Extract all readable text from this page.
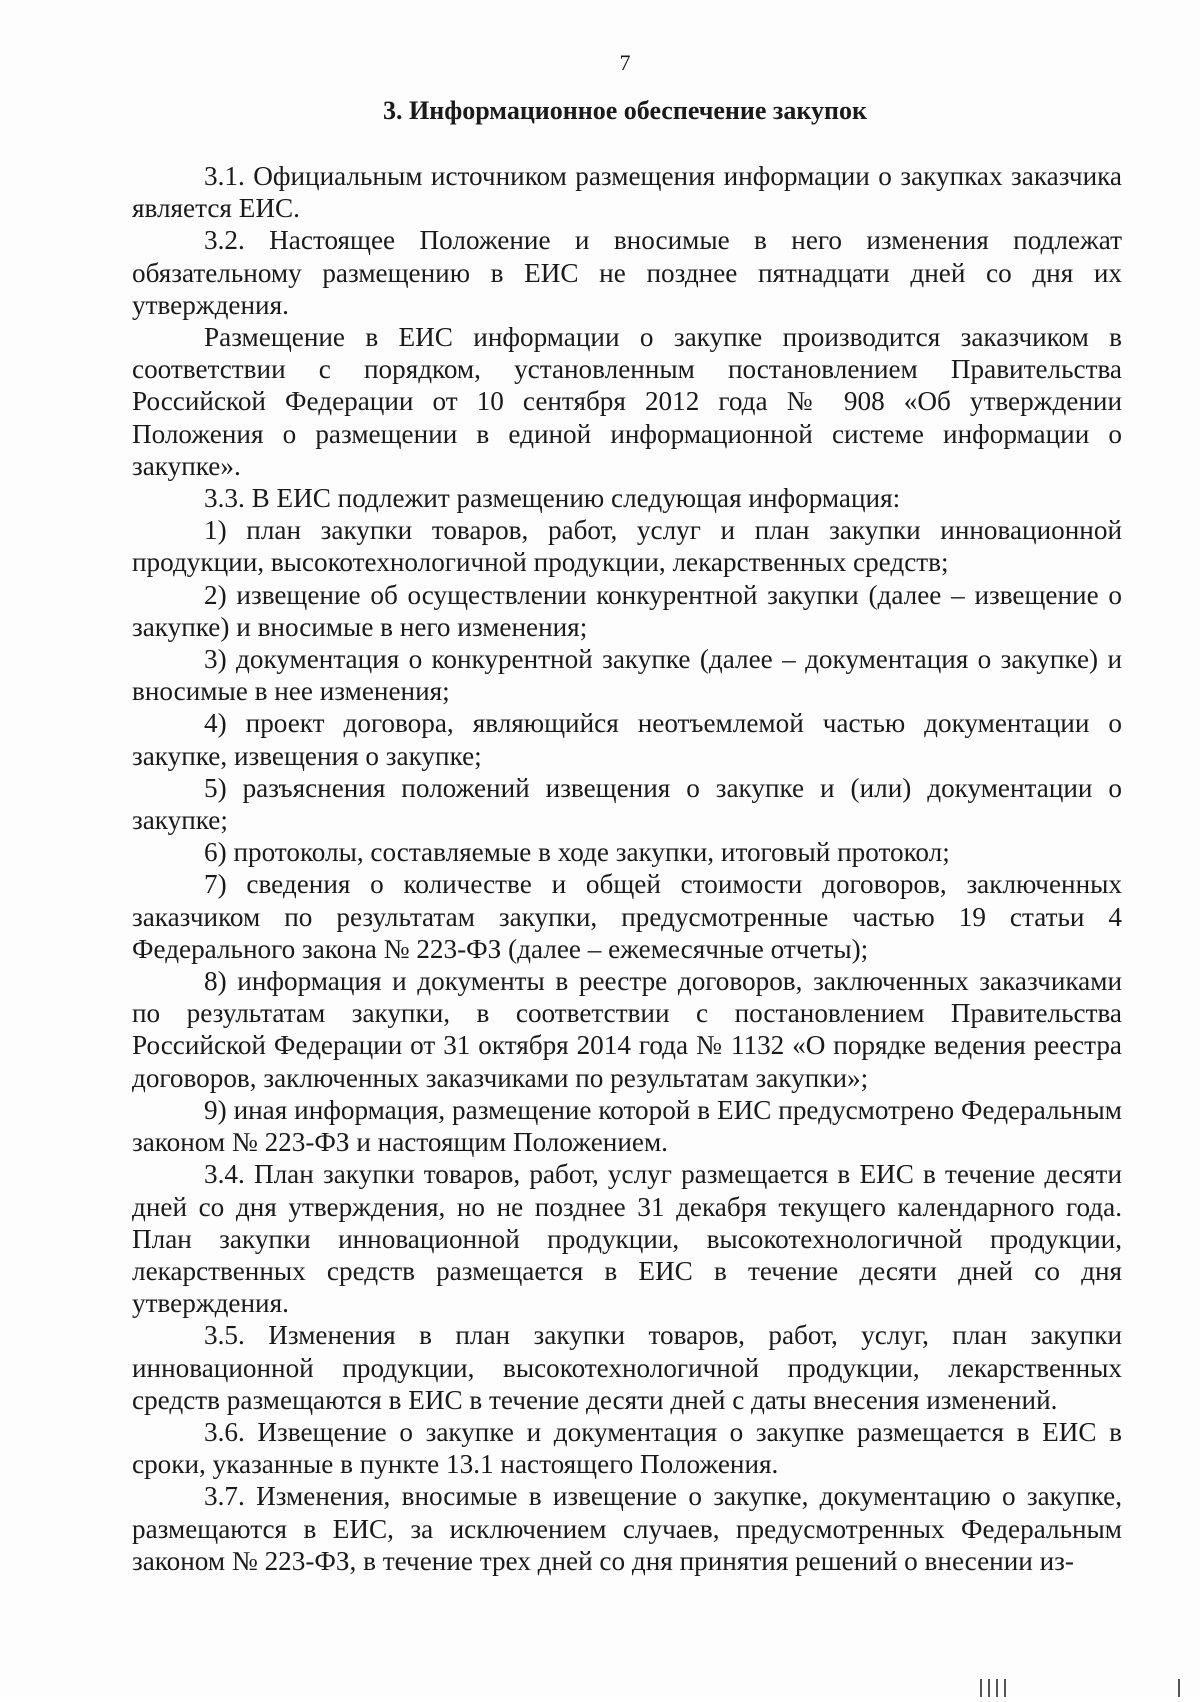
7
3. Информационное обеспечение закупок

3.1. Официальным источником размещения информации о закупках заказчика является ЕИС.

3.2. Настоящее Положение и вносимые в него изменения подлежат обязательному размещению в ЕИС не позднее пятнадцати дней со дня их утверждения.

Размещение в ЕИС информации о закупке производится заказчиком в соответствии с порядком, установленным постановлением Правительства Российской Федерации от 10 сентября 2012 года № 908 «Об утверждении Положения о размещении в единой информационной системе информации о закупке».

3.3. В ЕИС подлежит размещению следующая информация:

1) план закупки товаров, работ, услуг и план закупки инновационной продукции, высокотехнологичной продукции, лекарственных средств;

2) извещение об осуществлении конкурентной закупки (далее – извещение о закупке) и вносимые в него изменения;

3) документация о конкурентной закупке (далее – документация о закупке) и вносимые в нее изменения;

4) проект договора, являющийся неотъемлемой частью документации о закупке, извещения о закупке;

5) разъяснения положений извещения о закупке и (или) документации о закупке;

6) протоколы, составляемые в ходе закупки, итоговый протокол;

7) сведения о количестве и общей стоимости договоров, заключенных заказчиком по результатам закупки, предусмотренные частью 19 статьи 4 Федерального закона № 223-ФЗ (далее – ежемесячные отчеты);

8) информация и документы в реестре договоров, заключенных заказчиками по результатам закупки, в соответствии с постановлением Правительства Российской Федерации от 31 октября 2014 года № 1132 «О порядке ведения реестра договоров, заключенных заказчиками по результатам закупки»;

9) иная информация, размещение которой в ЕИС предусмотрено Федеральным законом № 223-ФЗ и настоящим Положением.

3.4. План закупки товаров, работ, услуг размещается в ЕИС в течение десяти дней со дня утверждения, но не позднее 31 декабря текущего календарного года. План закупки инновационной продукции, высокотехнологичной продукции, лекарственных средств размещается в ЕИС в течение десяти дней со дня утверждения.

3.5. Изменения в план закупки товаров, работ, услуг, план закупки инновационной продукции, высокотехнологичной продукции, лекарственных средств размещаются в ЕИС в течение десяти дней с даты внесения изменений.

3.6. Извещение о закупке и документация о закупке размещается в ЕИС в сроки, указанные в пункте 13.1 настоящего Положения.

3.7. Изменения, вносимые в извещение о закупке, документацию о закупке, размещаются в ЕИС, за исключением случаев, предусмотренных Федеральным законом № 223-ФЗ, в течение трех дней со дня принятия решений о внесении из-
